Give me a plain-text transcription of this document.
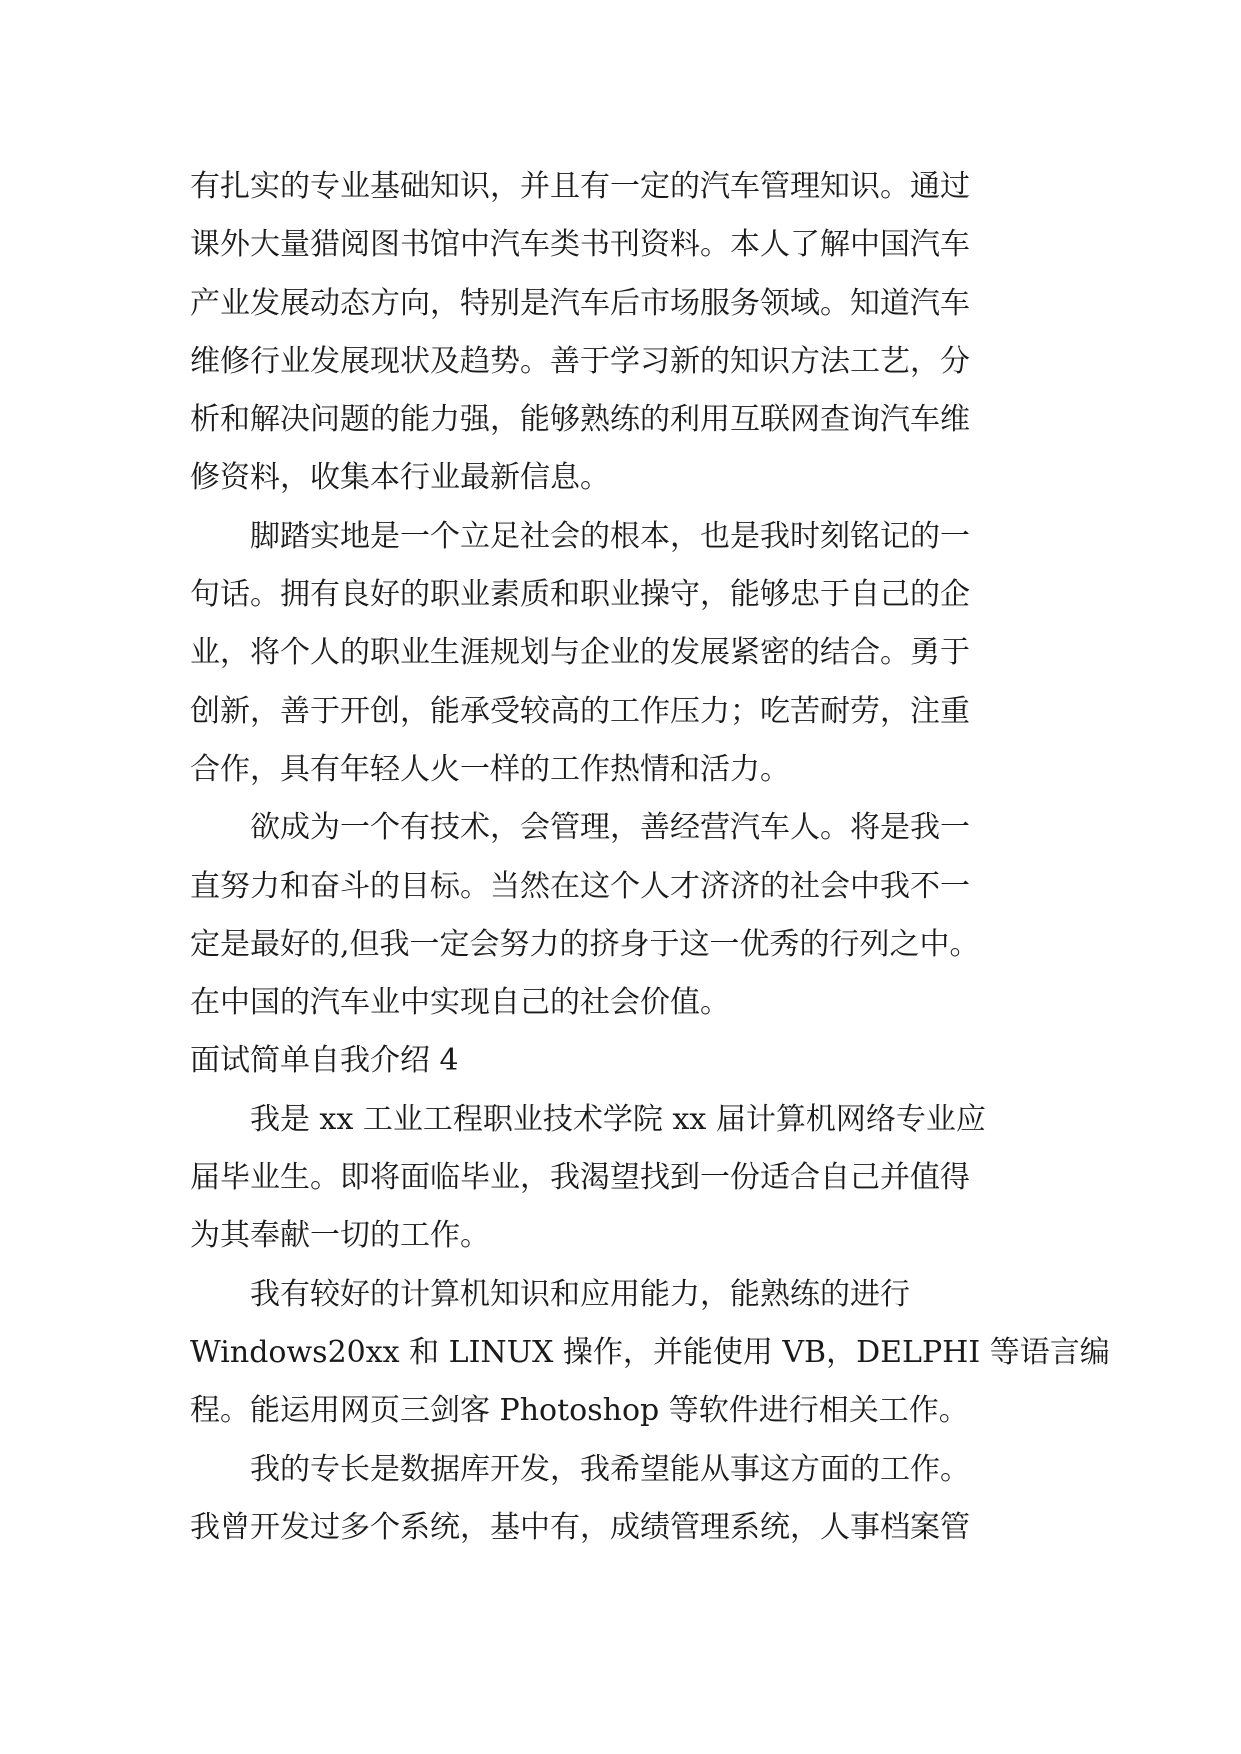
有扎实的专业基础知识，并且有一定的汽车管理知识。通过
课外大量猎阅图书馆中汽车类书刊资料。本人了解中国汽车
产业发展动态方向，特别是汽车后市场服务领域。知道汽车
维修行业发展现状及趋势。善于学习新的知识方法工艺，分
析和解决问题的能力强，能够熟练的利用互联网查询汽车维
修资料，收集本行业最新信息。
脚踏实地是一个立足社会的根本，也是我时刻铭记的一
句话。拥有良好的职业素质和职业操守，能够忠于自己的企
业，将个人的职业生涯规划与企业的发展紧密的结合。勇于
创新，善于开创，能承受较高的工作压力；吃苦耐劳，注重
合作，具有年轻人火一样的工作热情和活力。
欲成为一个有技术，会管理，善经营汽车人。将是我一
直努力和奋斗的目标。当然在这个人才济济的社会中我不一
定是最好的,但我一定会努力的挤身于这一优秀的行列之中。
在中国的汽车业中实现自己的社会价值。
面试简单自我介绍 4
我是 xx 工业工程职业技术学院 xx 届计算机网络专业应
届毕业生。即将面临毕业，我渴望找到一份适合自己并值得
为其奉献一切的工作。
我有较好的计算机知识和应用能力，能熟练的进行
Windows20xx 和 LINUX 操作，并能使用 VB，DELPHI 等语言编
程。能运用网页三剑客 Photoshop 等软件进行相关工作。
我的专长是数据库开发，我希望能从事这方面的工作。
我曾开发过多个系统，基中有，成绩管理系统，人事档案管
